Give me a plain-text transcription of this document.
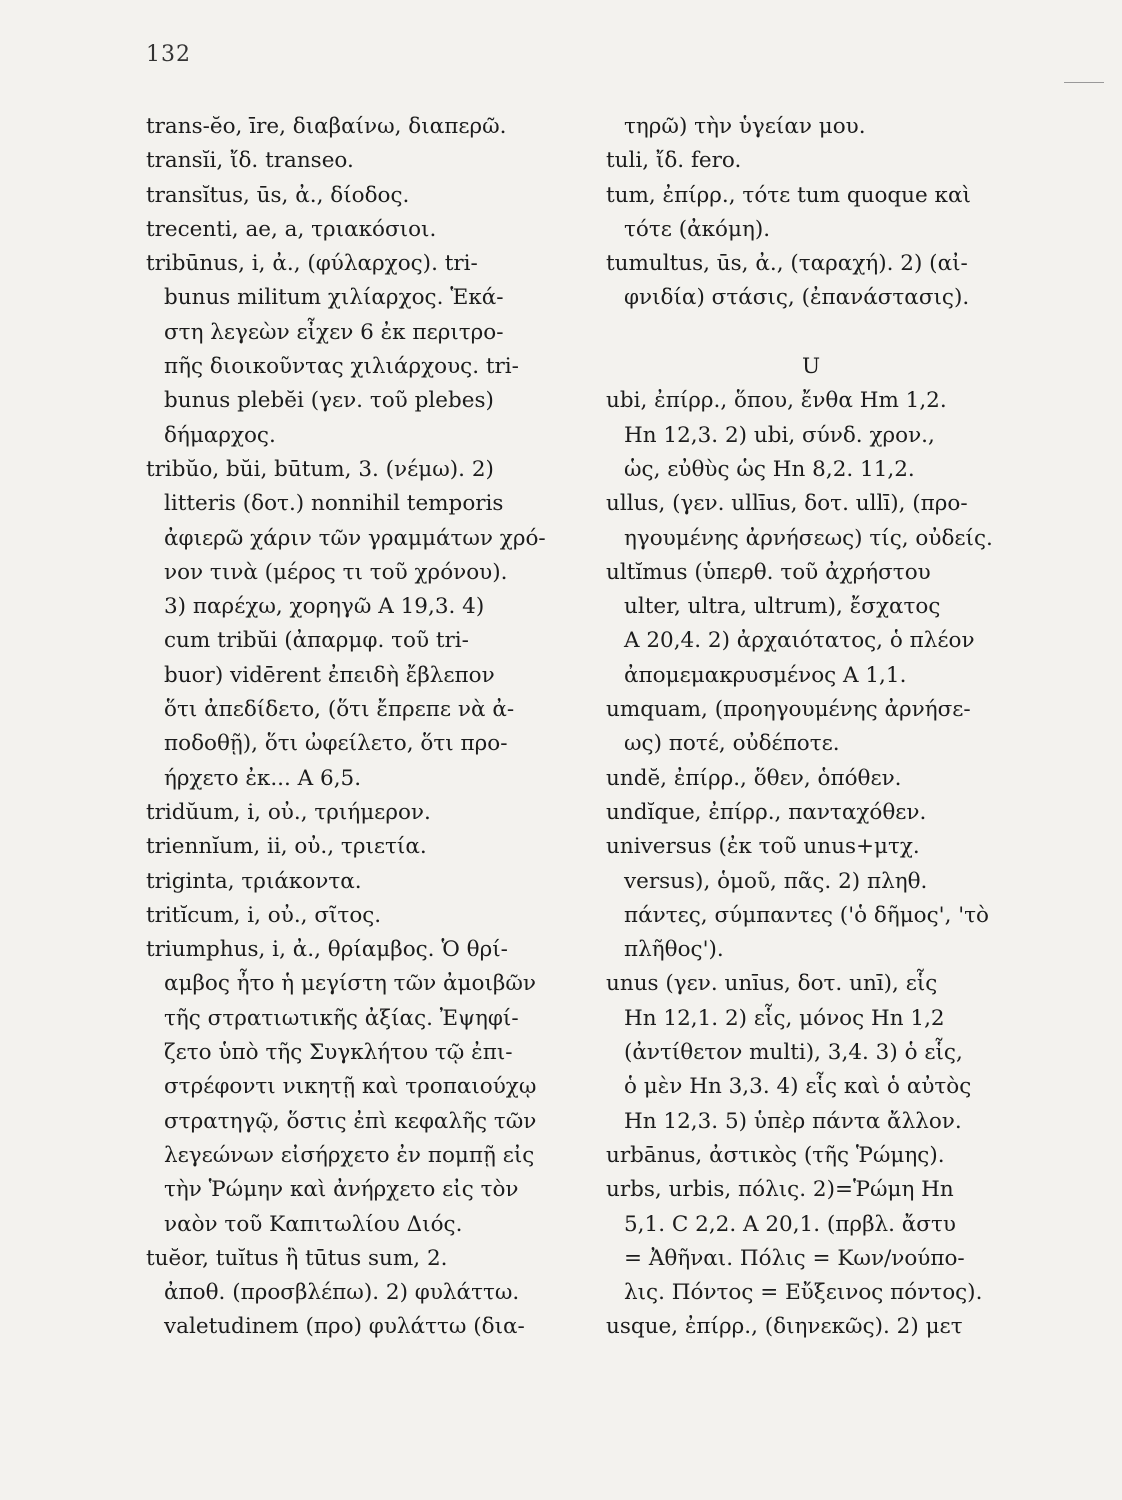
132
trans-ĕo, īre, διαβαίνω, διαπερῶ.
transĭi, ἴδ. transeo.
transĭtus, ūs, ἀ., δίοδος.
trecenti, ae, a, τριακόσιοι.
tribūnus, i, ἀ., (φύλαρχος). tri-
bunus militum χιλίαρχος. Ἑκά-
στη λεγεὼν εἶχεν 6 ἐκ περιτρο-
πῆς διοικοῦντας χιλιάρχους. tri-
bunus plebĕi (γεν. τοῦ plebes)
δήμαρχος.
tribŭo, bŭi, būtum, 3. (νέμω). 2)
litteris (δοτ.) nonnihil temporis
ἀφιερῶ χάριν τῶν γραμμάτων χρό-
νον τινὰ (μέρος τι τοῦ χρόνου).
3) παρέχω, χορηγῶ A 19,3. 4)
cum tribŭi (ἀπαρμφ. τοῦ tri-
buor) vidērent ἐπειδὴ ἔβλεπον
ὅτι ἀπεδίδετο, (ὅτι ἔπρεπε νὰ ἀ-
ποδοθῇ), ὅτι ὠφείλετο, ὅτι προ-
ήρχετο ἐκ... A 6,5.
tridŭum, i, οὐ., τριήμερον.
triennĭum, ii, οὐ., τριετία.
triginta, τριάκοντα.
tritĭcum, i, οὐ., σῖτος.
triumphus, i, ἀ., θρίαμβος. Ὁ θρί-
αμβος ἦτο ἡ μεγίστη τῶν ἀμοιβῶν
τῆς στρατιωτικῆς ἀξίας. Ἐψηφί-
ζετο ὑπὸ τῆς Συγκλήτου τῷ ἐπι-
στρέφοντι νικητῇ καὶ τροπαιούχῳ
στρατηγῷ, ὅστις ἐπὶ κεφαλῆς τῶν
λεγεώνων εἰσήρχετο ἐν πομπῇ εἰς
τὴν Ῥώμην καὶ ἀνήρχετο εἰς τὸν
ναὸν τοῦ Καπιτωλίου Διός.
tuĕor, tuĭtus ἢ tūtus sum, 2.
ἀποθ. (προσβλέπω). 2) φυλάττω.
valetudinem (προ) φυλάττω (δια-
τηρῶ) τὴν ὑγείαν μου.
tuli, ἴδ. fero.
tum, ἐπίρρ., τότε tum quoque καὶ
τότε (ἀκόμη).
tumultus, ūs, ἀ., (ταραχή). 2) (αἰ-
φνιδία) στάσις, (ἐπανάστασις).
U
ubi, ἐπίρρ., ὅπου, ἔνθα Hm 1,2.
Hn 12,3. 2) ubi, σύνδ. χρον.,
ὡς, εὐθὺς ὡς Hn 8,2. 11,2.
ullus, (γεν. ullīus, δοτ. ullī), (προ-
ηγουμένης ἀρνήσεως) τίς, οὐδείς.
ultĭmus (ὑπερθ. τοῦ ἀχρήστου
ulter, ultra, ultrum), ἔσχατος
A 20,4. 2) ἀρχαιότατος, ὁ πλέον
ἀπομεμακρυσμένος A 1,1.
umquam, (προηγουμένης ἀρνήσε-
ως) ποτέ, οὐδέποτε.
undĕ, ἐπίρρ., ὅθεν, ὁπόθεν.
undĭque, ἐπίρρ., πανταχόθεν.
universus (ἐκ τοῦ unus+μτχ.
versus), ὁμοῦ, πᾶς. 2) πληθ.
πάντες, σύμπαντες ('ὁ δῆμος', 'τὸ
πλῆθος').
unus (γεν. unīus, δοτ. unī), εἷς
Hn 12,1. 2) εἷς, μόνος Hn 1,2
(ἀντίθετον multi), 3,4. 3) ὁ εἷς,
ὁ μὲν Hn 3,3. 4) εἷς καὶ ὁ αὐτὸς
Hn 12,3. 5) ὑπὲρ πάντα ἄλλον.
urbānus, ἀστικὸς (τῆς Ῥώμης).
urbs, urbis, πόλις. 2)=Ῥώμη Hn
5,1. C 2,2. A 20,1. (πρβλ. ἄστυ
= Ἀθῆναι. Πόλις = Κων/νούπο-
λις. Πόντος = Εὔξεινος πόντος).
usque, ἐπίρρ., (διηνεκῶς). 2) μετ
